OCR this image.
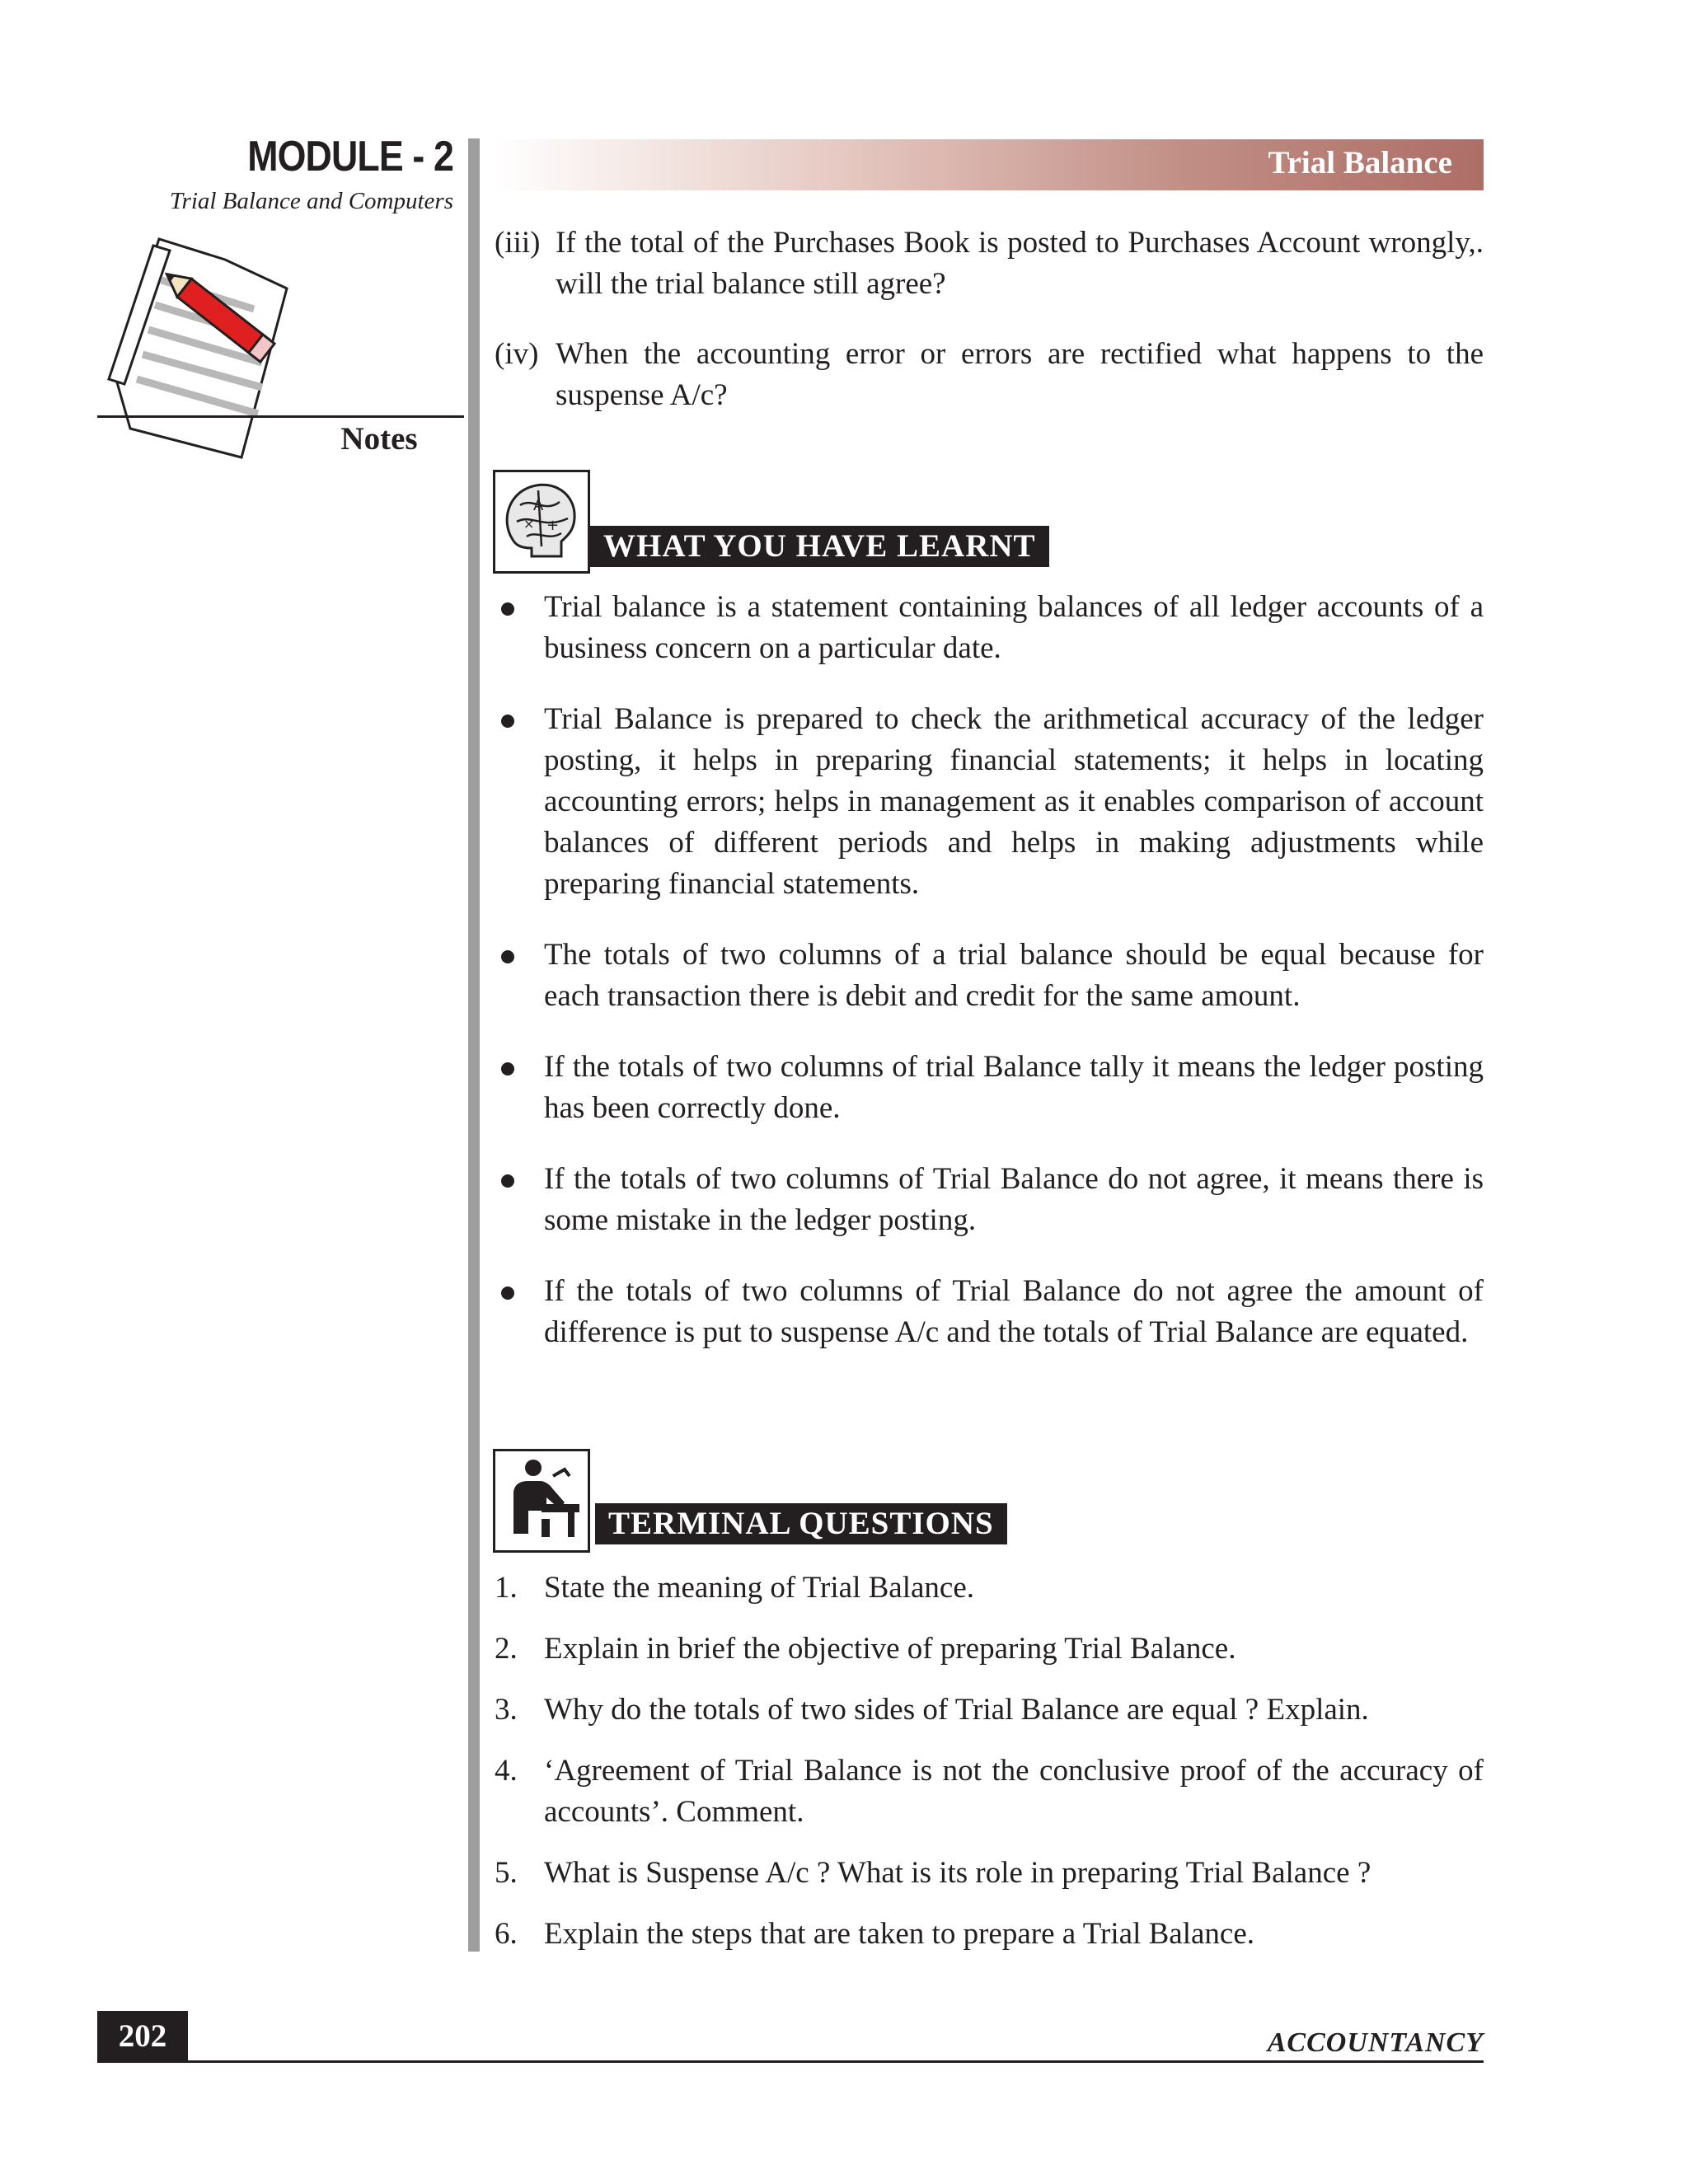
MODULE - 2
Trial Balance and Computers
Notes
Trial Balance
(iii) If the total of the Purchases Book is posted to Purchases Account wrongly,. will the trial balance still agree?
(iv) When the accounting error or errors are rectified what happens to the suspense A/c?
A
+
×
WHAT YOU HAVE LEARNT
Trial balance is a statement containing balances of all ledger accounts of a business concern on a particular date.
Trial Balance is prepared to check the arithmetical accuracy of the ledger posting, it helps in preparing financial statements; it helps in locating accounting errors; helps in management as it enables comparison of account balances of different periods and helps in making adjustments while preparing financial statements.
The totals of two columns of a trial balance should be equal because for each transaction there is debit and credit for the same amount.
If the totals of two columns of trial Balance tally it means the ledger posting has been correctly done.
If the totals of two columns of Trial Balance do not agree, it means there is some mistake in the ledger posting.
If the totals of two columns of Trial Balance do not agree the amount of difference is put to suspense A/c and the totals of Trial Balance are equated.
TERMINAL QUESTIONS
1. State the meaning of Trial Balance.
2. Explain in brief the objective of preparing Trial Balance.
3. Why do the totals of two sides of Trial Balance are equal ? Explain.
4. ‘Agreement of Trial Balance is not the conclusive proof of the accuracy of accounts’. Comment.
5. What is Suspense A/c ? What is its role in preparing Trial Balance ?
6. Explain the steps that are taken to prepare a Trial Balance.
202	ACCOUNTANCY
